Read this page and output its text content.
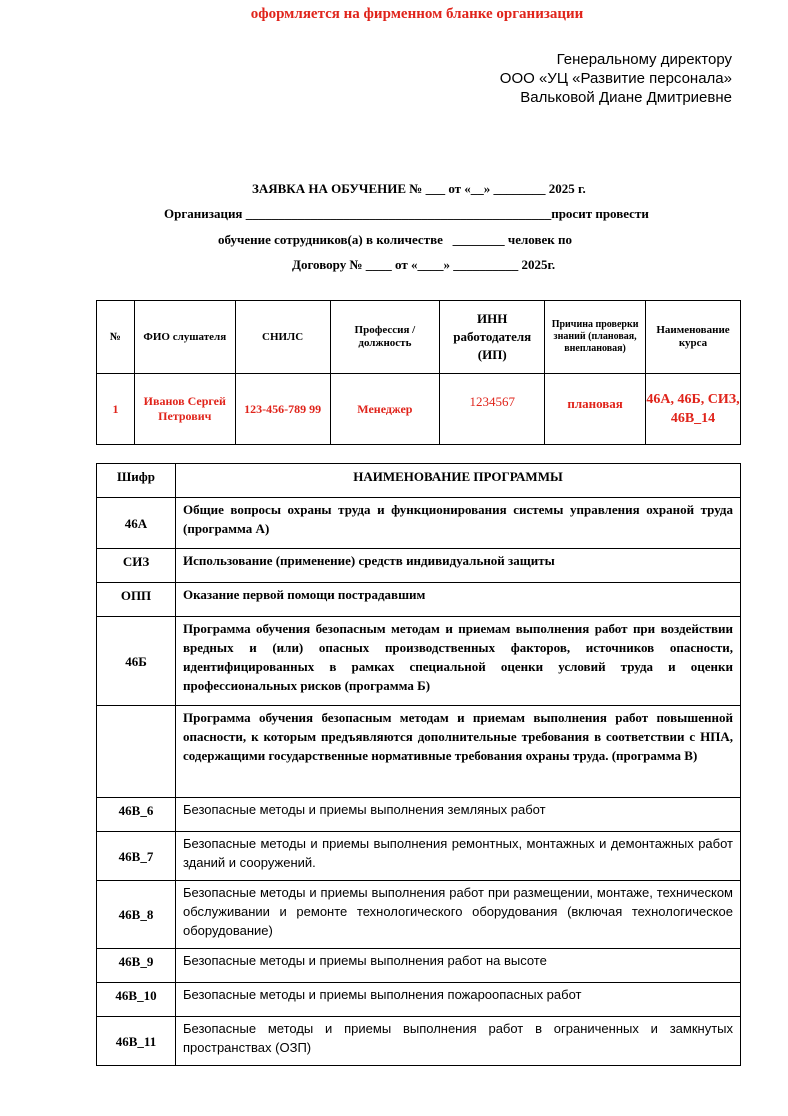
оформляется на фирменном бланке организации
Генеральному директору
ООО «УЦ «Развитие персонала»
Вальковой Диане Дмитриевне
ЗАЯВКА НА ОБУЧЕНИЕ № ___ от «__» ________ 2025 г.
Организация _______________________________________________просит провести
обучение сотрудников(а) в количестве   ________ человек по
Договору № ____ от «____» __________ 2025г.
№	ФИО слушателя	СНИЛС	Профессия /должность	ИНН работодателя (ИП)	Причина проверки знаний (плановая, внеплановая)	Наименование курса
1	Иванов Сергей Петрович	123-456-789 99	Менеджер	1234567	плановая	46А, 46Б, СИЗ, 46В_14
Шифр	НАИМЕНОВАНИЕ ПРОГРАММЫ
46А	Общие вопросы охраны труда и функционирования системы управления охраной труда (программа А)
СИЗ	Использование (применение) средств индивидуальной защиты
ОПП	Оказание первой помощи пострадавшим
46Б	Программа обучения безопасным методам и приемам выполнения работ при воздействии вредных и (или) опасных производственных факторов, источников опасности, идентифицированных в рамках специальной оценки условий труда и оценки профессиональных рисков (программа Б)
	Программа обучения безопасным методам и приемам выполнения работ повышенной опасности, к которым предъявляются дополнительные требования в соответствии с НПА, содержащими государственные нормативные требования охраны труда. (программа В)
46В_6	Безопасные методы и приемы выполнения земляных работ
46В_7	Безопасные методы и приемы выполнения ремонтных, монтажных и демонтажных работ зданий и сооружений.
46В_8	Безопасные методы и приемы выполнения работ при размещении, монтаже, техническом обслуживании и ремонте технологического оборудования (включая технологическое оборудование)
46В_9	Безопасные методы и приемы выполнения работ на высоте
46В_10	Безопасные методы и приемы выполнения пожароопасных работ
46В_11	Безопасные методы и приемы выполнения работ в ограниченных и замкнутых пространствах (ОЗП)
